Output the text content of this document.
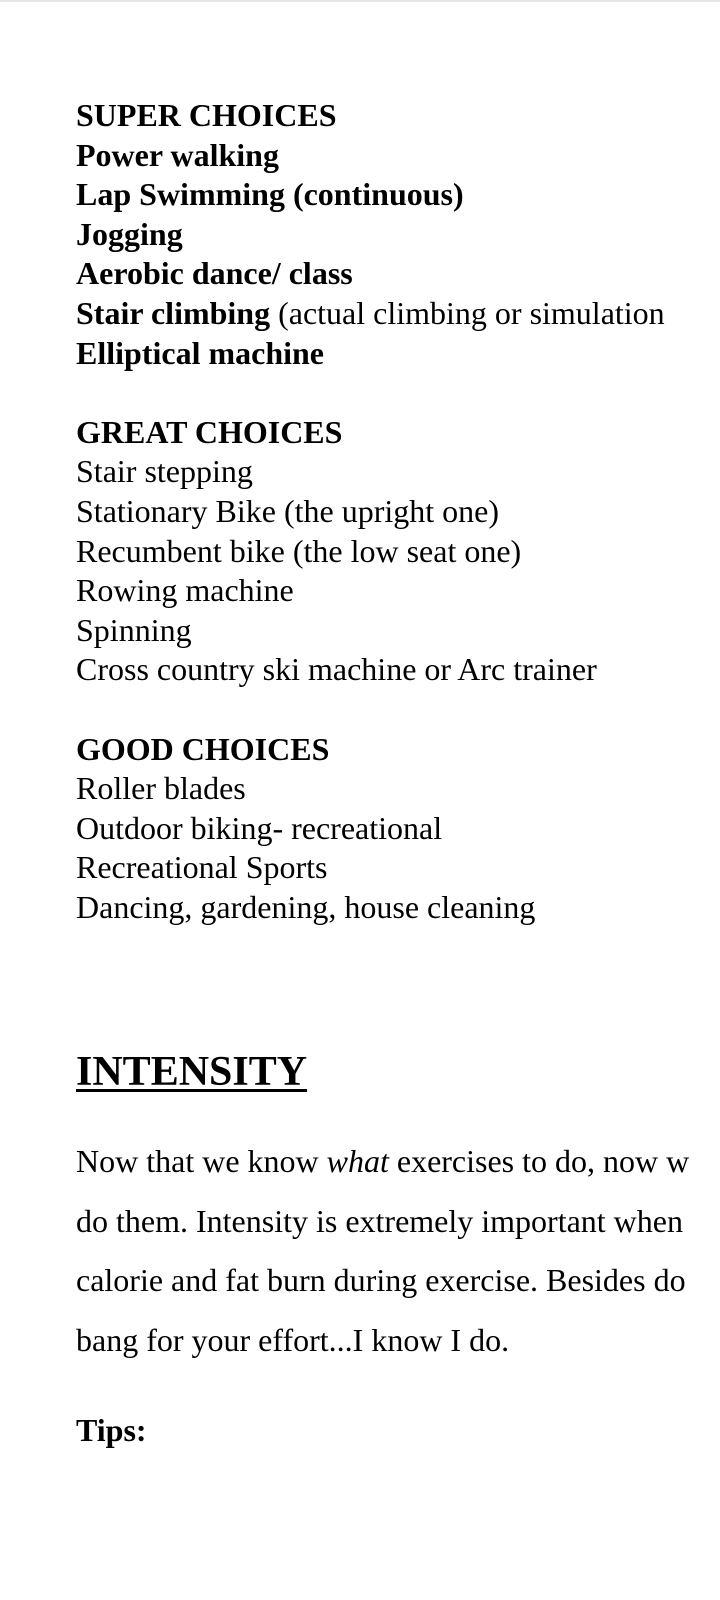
SUPER CHOICES
Power walking
Lap Swimming (continuous)
Jogging
Aerobic dance/ class
Stair climbing (actual climbing or simulation
Elliptical machine
GREAT CHOICES
Stair stepping
Stationary Bike (the upright one)
Recumbent bike (the low seat one)
Rowing machine
Spinning
Cross country ski machine or Arc trainer
GOOD CHOICES
Roller blades
Outdoor biking- recreational
Recreational Sports
Dancing, gardening, house cleaning
INTENSITY
Now that we know what exercises to do, now w
do them. Intensity is extremely important when
calorie and fat burn during exercise. Besides do
bang for your effort...I know I do.
Tips:
